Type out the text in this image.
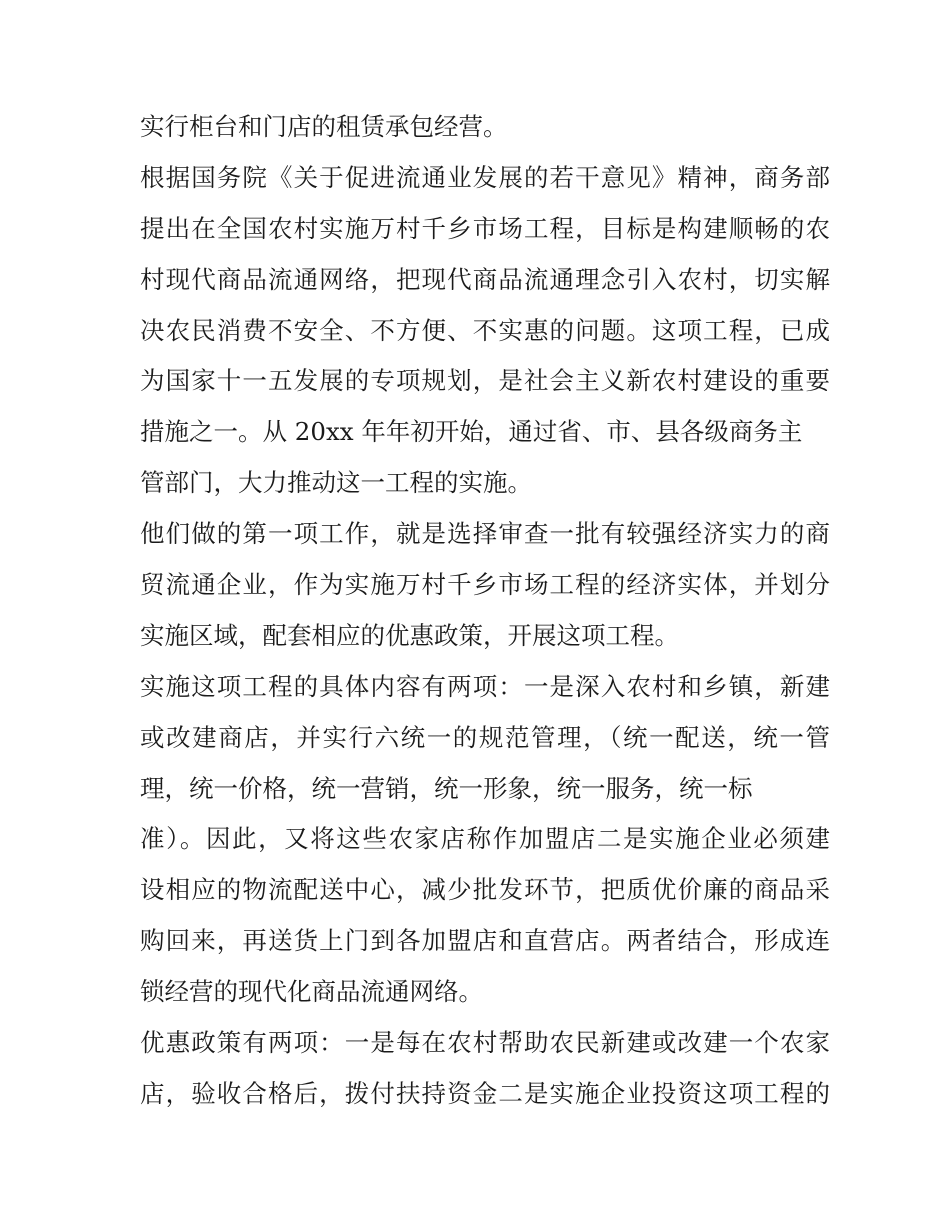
实行柜台和门店的租赁承包经营。
根据国务院《关于促进流通业发展的若干意见》精神，商务部
提出在全国农村实施万村千乡市场工程，目标是构建顺畅的农
村现代商品流通网络，把现代商品流通理念引入农村，切实解
决农民消费不安全、不方便、不实惠的问题。这项工程，已成
为国家十一五发展的专项规划，是社会主义新农村建设的重要
措施之一。从 20xx 年年初开始，通过省、市、县各级商务主
管部门，大力推动这一工程的实施。
他们做的第一项工作，就是选择审查一批有较强经济实力的商
贸流通企业，作为实施万村千乡市场工程的经济实体，并划分
实施区域，配套相应的优惠政策，开展这项工程。
实施这项工程的具体内容有两项：一是深入农村和乡镇，新建
或改建商店，并实行六统一的规范管理，（统一配送，统一管
理，统一价格，统一营销，统一形象，统一服务，统一标
准）。因此，又将这些农家店称作加盟店二是实施企业必须建
设相应的物流配送中心，减少批发环节，把质优价廉的商品采
购回来，再送货上门到各加盟店和直营店。两者结合，形成连
锁经营的现代化商品流通网络。
优惠政策有两项：一是每在农村帮助农民新建或改建一个农家
店，验收合格后，拨付扶持资金二是实施企业投资这项工程的
